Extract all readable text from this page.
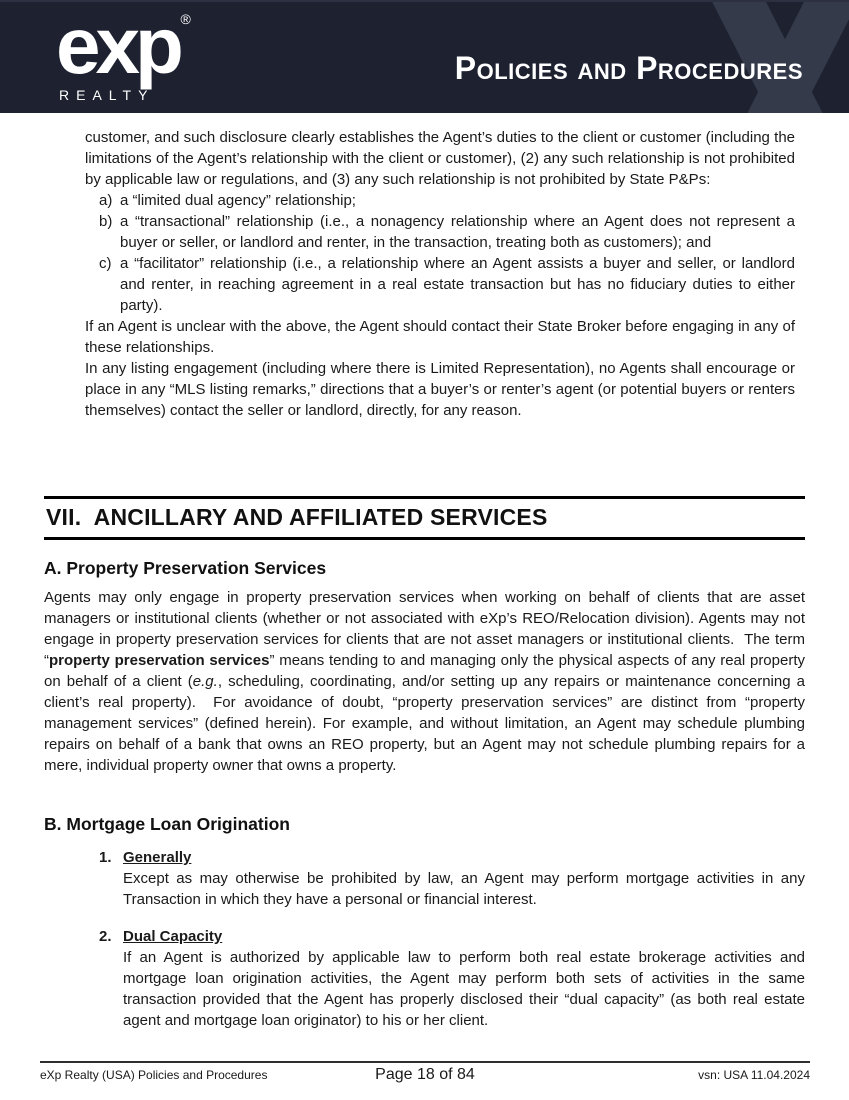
exp ®
REALTY
Policies and Procedures

customer, and such disclosure clearly establishes the Agent’s duties to the client or customer (including the limitations of the Agent’s relationship with the client or customer), (2) any such relationship is not prohibited by applicable law or regulations, and (3) any such relationship is not prohibited by State P&Ps:

a) a “limited dual agency” relationship;
b) a “transactional” relationship (i.e., a nonagency relationship where an Agent does not represent a buyer or seller, or landlord and renter, in the transaction, treating both as customers); and
c) a “facilitator” relationship (i.e., a relationship where an Agent assists a buyer and seller, or landlord and renter, in reaching agreement in a real estate transaction but has no fiduciary duties to either party).

If an Agent is unclear with the above, the Agent should contact their State Broker before engaging in any of these relationships.

In any listing engagement (including where there is Limited Representation), no Agents shall encourage or place in any “MLS listing remarks,” directions that a buyer’s or renter’s agent (or potential buyers or renters themselves) contact the seller or landlord, directly, for any reason.

VII.  ANCILLARY AND AFFILIATED SERVICES
A. Property Preservation Services
Agents may only engage in property preservation services when working on behalf of clients that are asset managers or institutional clients (whether or not associated with eXp’s REO/Relocation division). Agents may not engage in property preservation services for clients that are not asset managers or institutional clients.  The term “property preservation services” means tending to and managing only the physical aspects of any real property on behalf of a client (e.g., scheduling, coordinating, and/or setting up any repairs or maintenance concerning a client’s real property).  For avoidance of doubt, “property preservation services” are distinct from “property management services” (defined herein). For example, and without limitation, an Agent may schedule plumbing repairs on behalf of a bank that owns an REO property, but an Agent may not schedule plumbing repairs for a mere, individual property owner that owns a property.
B. Mortgage Loan Origination
1. Generally
Except as may otherwise be prohibited by law, an Agent may perform mortgage activities in any Transaction in which they have a personal or financial interest.
2. Dual Capacity
If an Agent is authorized by applicable law to perform both real estate brokerage activities and mortgage loan origination activities, the Agent may perform both sets of activities in the same transaction provided that the Agent has properly disclosed their “dual capacity” (as both real estate agent and mortgage loan originator) to his or her client.
eXp Realty (USA) Policies and Procedures	Page 18 of 84	vsn: USA 11.04.2024
